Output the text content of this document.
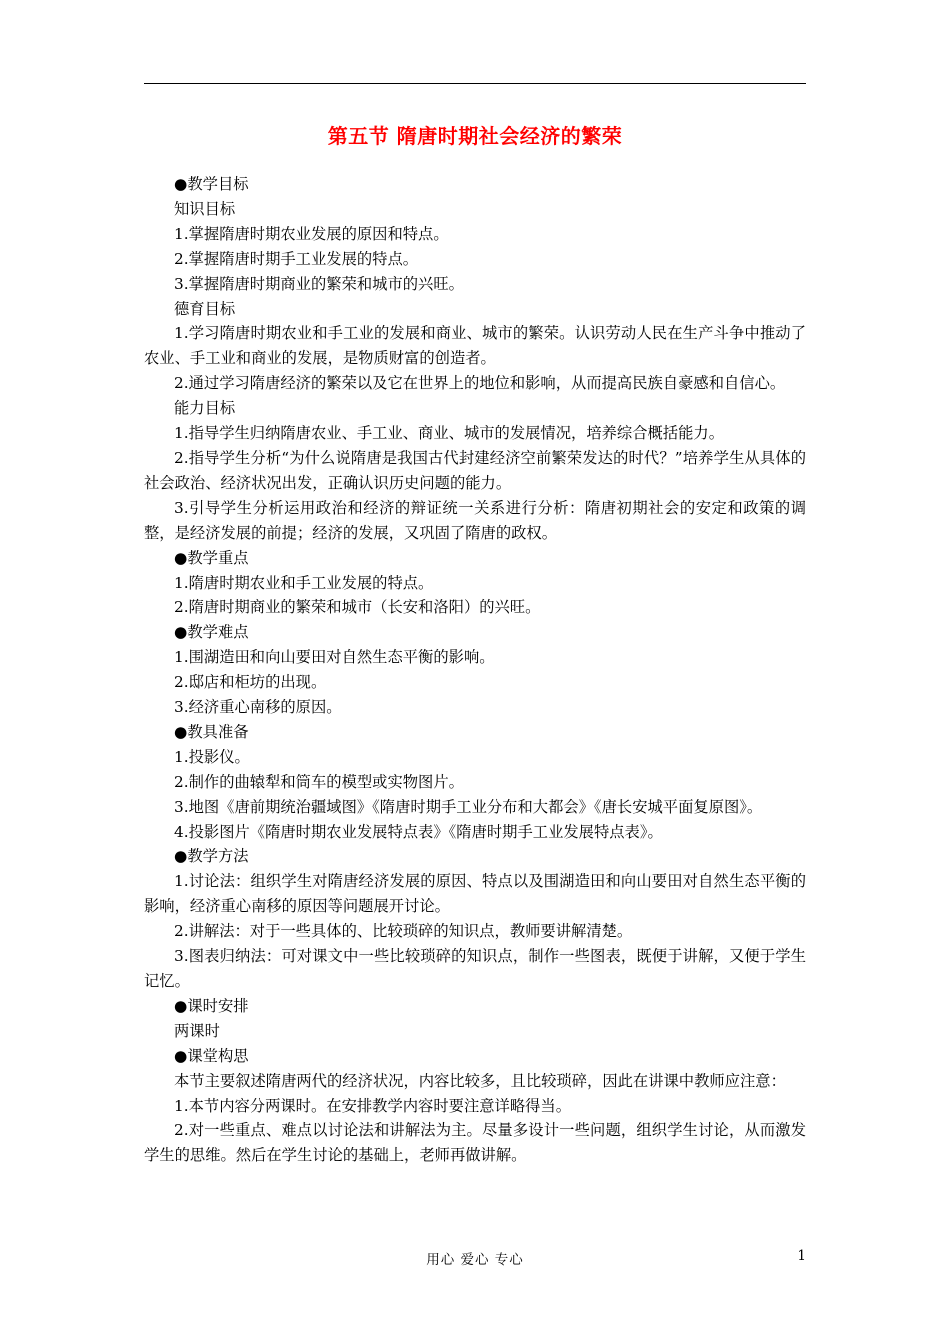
第五节 隋唐时期社会经济的繁荣

●教学目标

知识目标

1.掌握隋唐时期农业发展的原因和特点。

2.掌握隋唐时期手工业发展的特点。

3.掌握隋唐时期商业的繁荣和城市的兴旺。

德育目标

1.学习隋唐时期农业和手工业的发展和商业、城市的繁荣。认识劳动人民在生产斗争中推动了农业、手工业和商业的发展，是物质财富的创造者。

2.通过学习隋唐经济的繁荣以及它在世界上的地位和影响，从而提高民族自豪感和自信心。

能力目标

1.指导学生归纳隋唐农业、手工业、商业、城市的发展情况，培养综合概括能力。

2.指导学生分析“为什么说隋唐是我国古代封建经济空前繁荣发达的时代？”培养学生从具体的社会政治、经济状况出发，正确认识历史问题的能力。

3.引导学生分析运用政治和经济的辩证统一关系进行分析：隋唐初期社会的安定和政策的调整，是经济发展的前提；经济的发展，又巩固了隋唐的政权。

●教学重点

1.隋唐时期农业和手工业发展的特点。

2.隋唐时期商业的繁荣和城市（长安和洛阳）的兴旺。

●教学难点

1.围湖造田和向山要田对自然生态平衡的影响。

2.邸店和柜坊的出现。

3.经济重心南移的原因。

●教具准备

1.投影仪。

2.制作的曲辕犁和筒车的模型或实物图片。

3.地图《唐前期统治疆域图》《隋唐时期手工业分布和大都会》《唐长安城平面复原图》。

4.投影图片《隋唐时期农业发展特点表》《隋唐时期手工业发展特点表》。

●教学方法

1.讨论法：组织学生对隋唐经济发展的原因、特点以及围湖造田和向山要田对自然生态平衡的影响，经济重心南移的原因等问题展开讨论。

2.讲解法：对于一些具体的、比较琐碎的知识点，教师要讲解清楚。

3.图表归纳法：可对课文中一些比较琐碎的知识点，制作一些图表，既便于讲解，又便于学生记忆。

●课时安排

两课时

●课堂构思

本节主要叙述隋唐两代的经济状况，内容比较多，且比较琐碎，因此在讲课中教师应注意：

1.本节内容分两课时。在安排教学内容时要注意详略得当。

2.对一些重点、难点以讨论法和讲解法为主。尽量多设计一些问题，组织学生讨论，从而激发学生的思维。然后在学生讨论的基础上，老师再做讲解。

用心 爱心 专心	1
